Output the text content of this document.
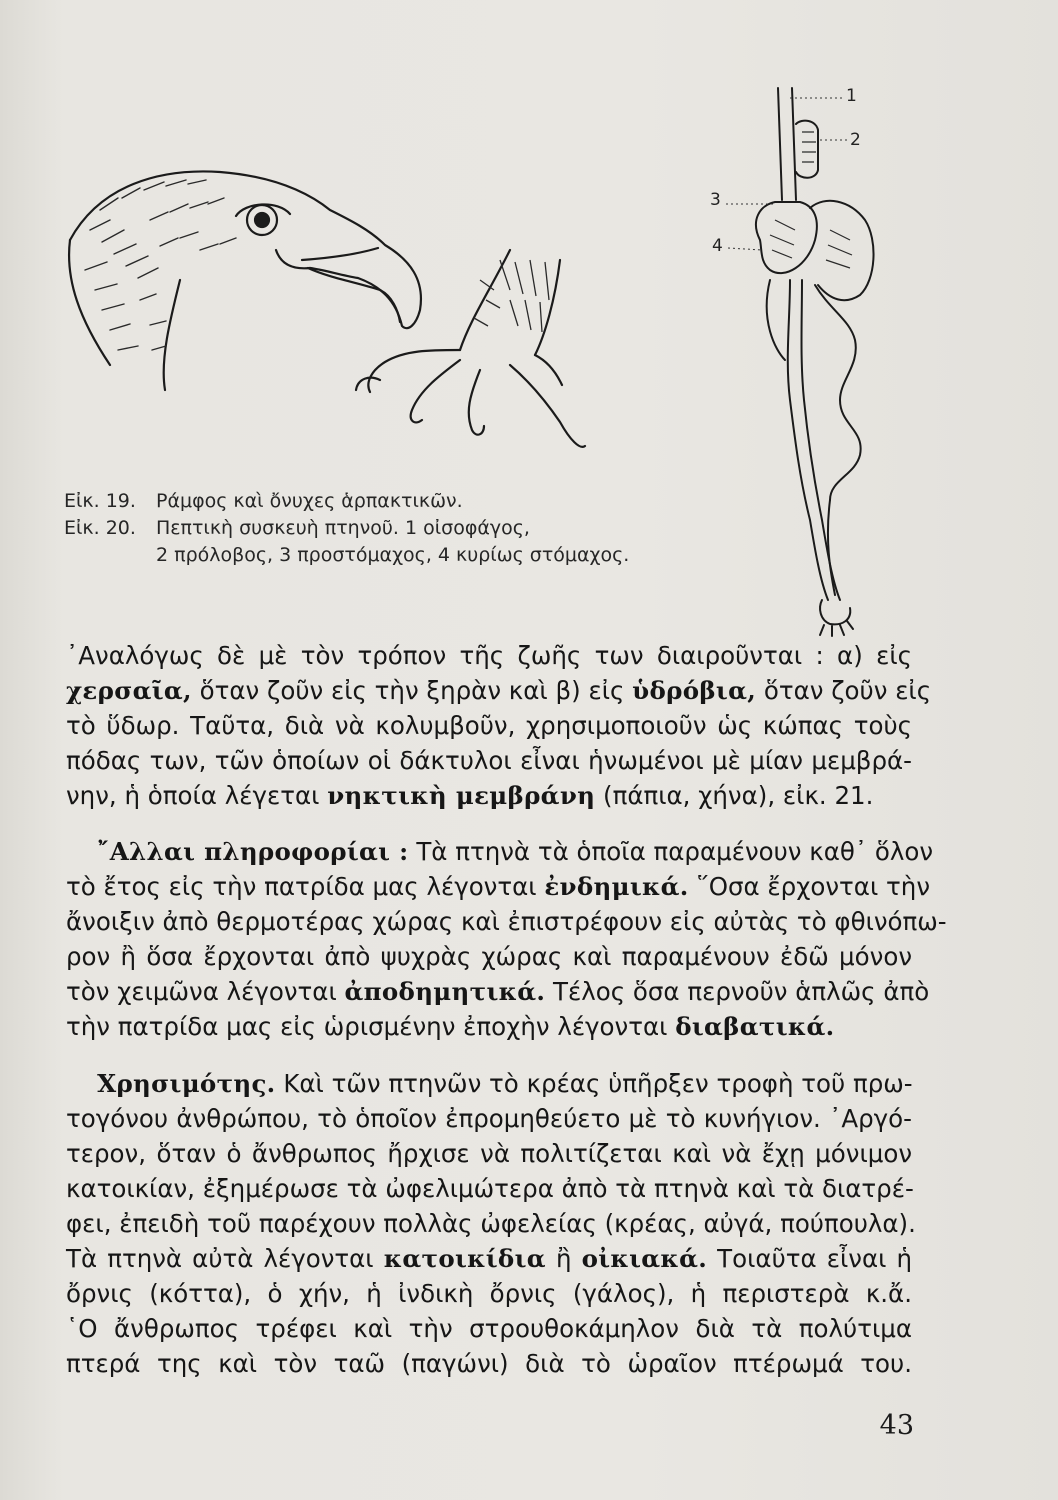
1
2
3
4
Εἰκ. 19. Ράμφος καὶ ὄνυχες ἁρπακτικῶν.
Εἰκ. 20. Πεπτικὴ συσκευὴ πτηνοῦ. 1 οἰσοφάγος,
2 πρόλοβος, 3 προστόμαχος, 4 κυρίως στόμαχος.
᾿Αναλόγως δὲ μὲ τὸν τρόπον τῆς ζωῆς των διαιροῦνται : α) εἰς
χερσαῖα, ὅταν ζοῦν εἰς τὴν ξηρὰν καὶ β) εἰς ὑδρόβια, ὅταν ζοῦν εἰς
τὸ ὕδωρ. Ταῦτα, διὰ νὰ κολυμβοῦν, χρησιμοποιοῦν ὡς κώπας τοὺς
πόδας των, τῶν ὁποίων οἱ δάκτυλοι εἶναι ἡνωμένοι μὲ μίαν μεμβρά-
νην, ἡ ὁποία λέγεται νηκτικὴ μεμβράνη (πάπια, χήνα), εἰκ. 21.
῎Αλλαι πληροφορίαι : Τὰ πτηνὰ τὰ ὁποῖα παραμένουν καθ᾿ ὅλον
τὸ ἔτος εἰς τὴν πατρίδα μας λέγονται ἐνδημικά. ῞Οσα ἔρχονται τὴν
ἄνοιξιν ἀπὸ θερμοτέρας χώρας καὶ ἐπιστρέφουν εἰς αὐτὰς τὸ φθινόπω-
ρον ἢ ὅσα ἔρχονται ἀπὸ ψυχρὰς χώρας καὶ παραμένουν ἐδῶ μόνον
τὸν χειμῶνα λέγονται ἀποδημητικά. Τέλος ὅσα περνοῦν ἁπλῶς ἀπὸ
τὴν πατρίδα μας εἰς ὡρισμένην ἐποχὴν λέγονται διαβατικά.
Χρησιμότης. Καὶ τῶν πτηνῶν τὸ κρέας ὑπῆρξεν τροφὴ τοῦ πρω-
τογόνου ἀνθρώπου, τὸ ὁποῖον ἐπρομηθεύετο μὲ τὸ κυνήγιον. ᾿Αργό-
τερον, ὅταν ὁ ἄνθρωπος ἤρχισε νὰ πολιτίζεται καὶ νὰ ἔχῃ μόνιμον
κατοικίαν, ἐξημέρωσε τὰ ὠφελιμώτερα ἀπὸ τὰ πτηνὰ καὶ τὰ διατρέ-
φει, ἐπειδὴ τοῦ παρέχουν πολλὰς ὠφελείας (κρέας, αὐγά, πούπουλα).
Τὰ πτηνὰ αὐτὰ λέγονται κατοικίδια ἢ οἰκιακά. Τοιαῦτα εἶναι ἡ
ὄρνις (κόττα), ὁ χήν, ἡ ἰνδικὴ ὄρνις (γάλος), ἡ περιστερὰ κ.ἄ.
῾Ο ἄνθρωπος τρέφει καὶ τὴν στρουθοκάμηλον διὰ τὰ πολύτιμα
πτερά της καὶ τὸν ταῶ (παγώνι) διὰ τὸ ὡραῖον πτέρωμά του.
43
